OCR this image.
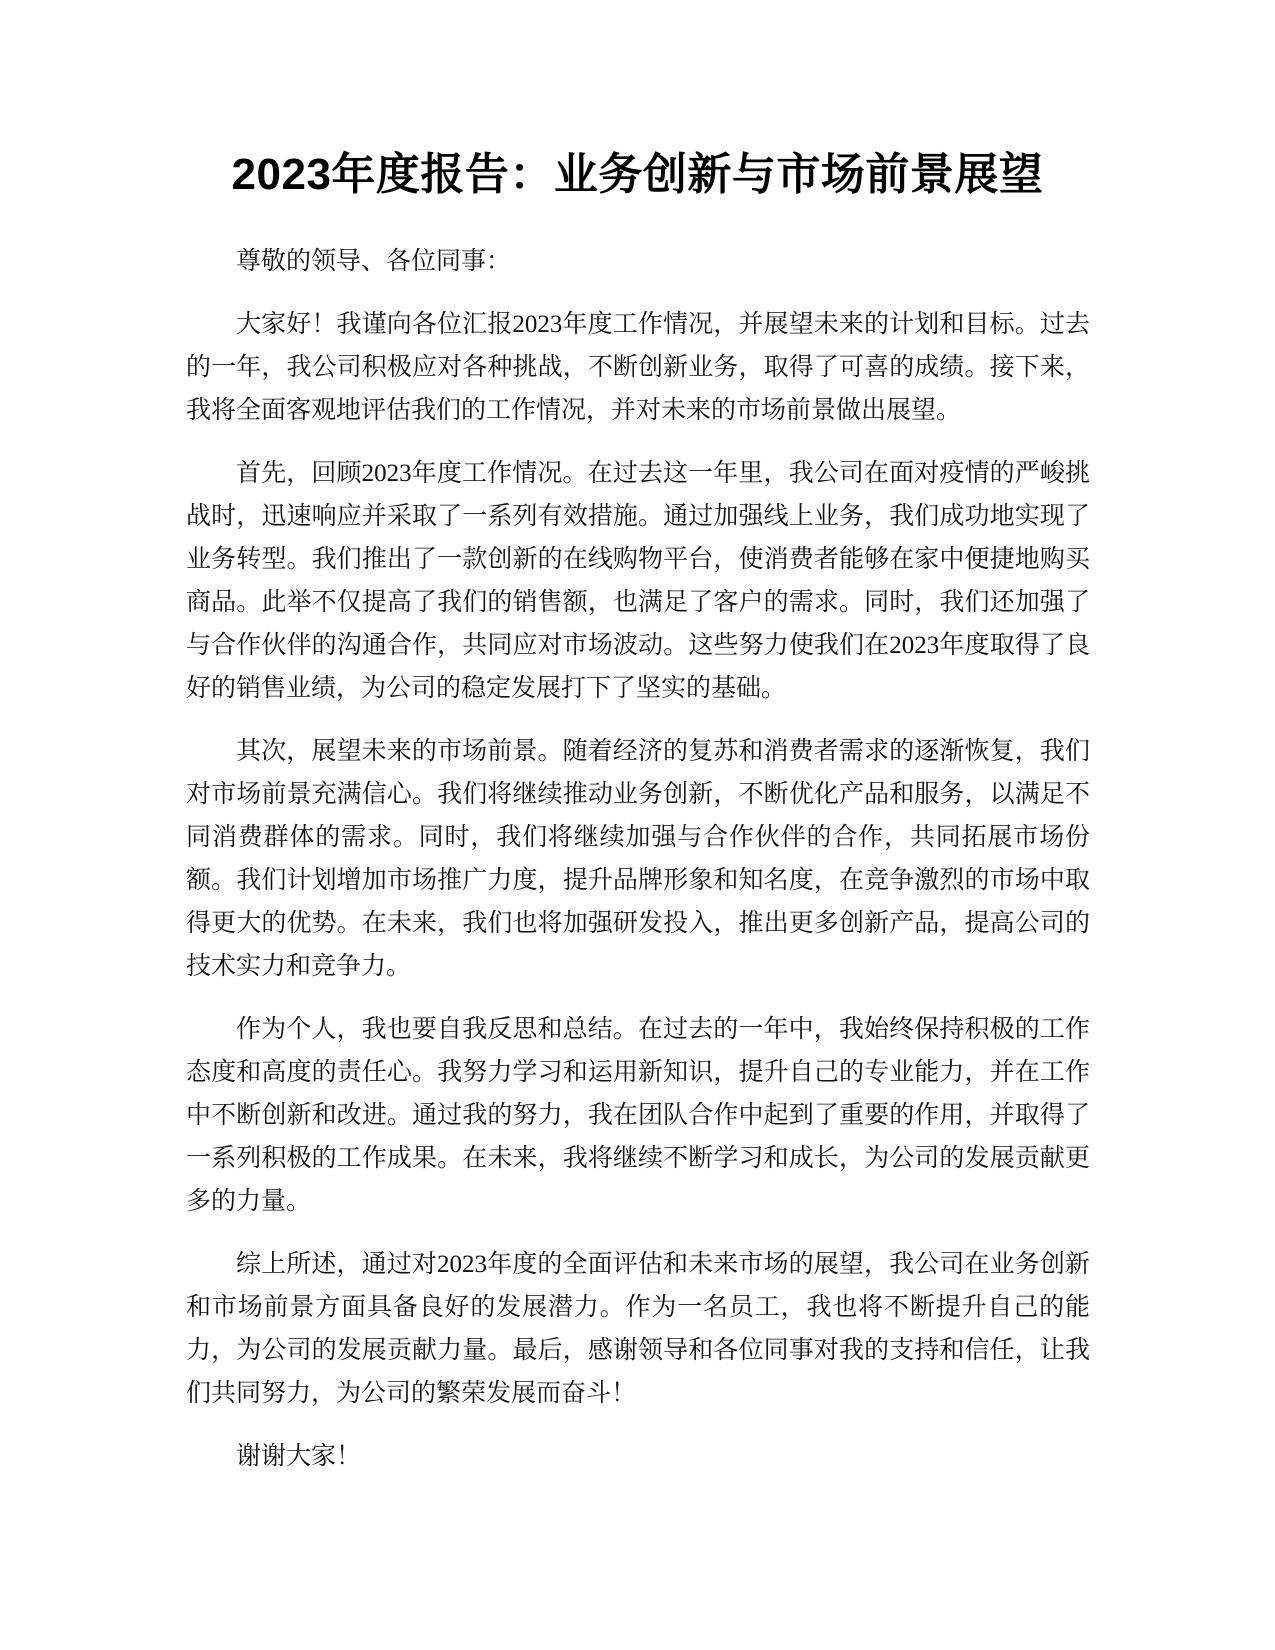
2023年度报告：业务创新与市场前景展望

尊敬的领导、各位同事：

大家好！我谨向各位汇报2023年度工作情况，并展望未来的计划和目标。过去的一年，我公司积极应对各种挑战，不断创新业务，取得了可喜的成绩。接下来，我将全面客观地评估我们的工作情况，并对未来的市场前景做出展望。

首先，回顾2023年度工作情况。在过去这一年里，我公司在面对疫情的严峻挑战时，迅速响应并采取了一系列有效措施。通过加强线上业务，我们成功地实现了业务转型。我们推出了一款创新的在线购物平台，使消费者能够在家中便捷地购买商品。此举不仅提高了我们的销售额，也满足了客户的需求。同时，我们还加强了与合作伙伴的沟通合作，共同应对市场波动。这些努力使我们在2023年度取得了良好的销售业绩，为公司的稳定发展打下了坚实的基础。

其次，展望未来的市场前景。随着经济的复苏和消费者需求的逐渐恢复，我们对市场前景充满信心。我们将继续推动业务创新，不断优化产品和服务，以满足不同消费群体的需求。同时，我们将继续加强与合作伙伴的合作，共同拓展市场份额。我们计划增加市场推广力度，提升品牌形象和知名度，在竞争激烈的市场中取得更大的优势。在未来，我们也将加强研发投入，推出更多创新产品，提高公司的技术实力和竞争力。

作为个人，我也要自我反思和总结。在过去的一年中，我始终保持积极的工作态度和高度的责任心。我努力学习和运用新知识，提升自己的专业能力，并在工作中不断创新和改进。通过我的努力，我在团队合作中起到了重要的作用，并取得了一系列积极的工作成果。在未来，我将继续不断学习和成长，为公司的发展贡献更多的力量。

综上所述，通过对2023年度的全面评估和未来市场的展望，我公司在业务创新和市场前景方面具备良好的发展潜力。作为一名员工，我也将不断提升自己的能力，为公司的发展贡献力量。最后，感谢领导和各位同事对我的支持和信任，让我们共同努力，为公司的繁荣发展而奋斗！

谢谢大家！
